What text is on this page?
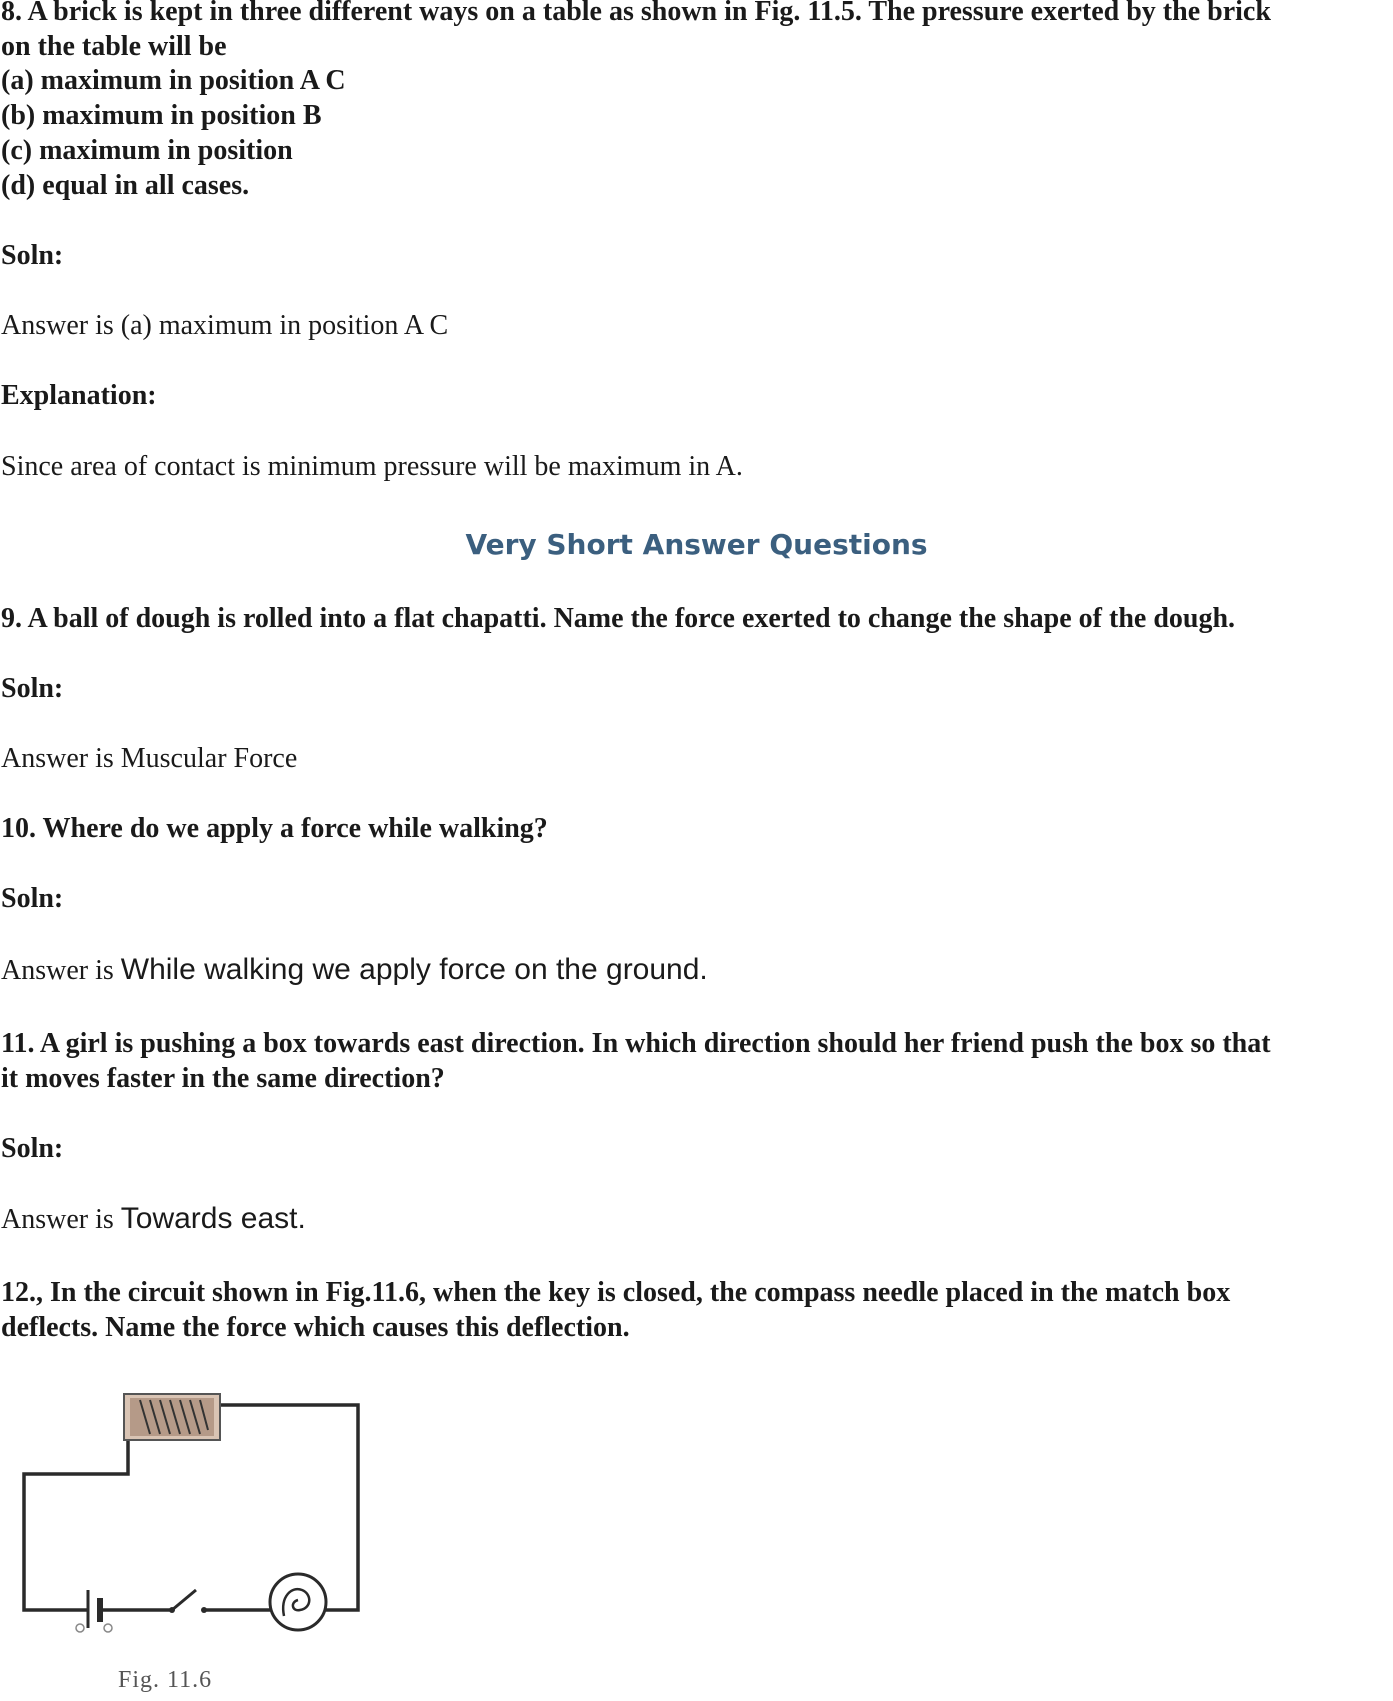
8. A brick is kept in three different ways on a table as shown in Fig. 11.5. The pressure exerted by the brick
on the table will be
(a) maximum in position A C
(b) maximum in position B
(c) maximum in position
(d) equal in all cases.
Soln:
Answer is (a) maximum in position A C
Explanation:
Since area of contact is minimum pressure will be maximum in A.
Very Short Answer Questions
9. A ball of dough is rolled into a flat chapatti. Name the force exerted to change the shape of the dough.
Soln:
Answer is Muscular Force
10. Where do we apply a force while walking?
Soln:
Answer is While walking we apply force on the ground.
11. A girl is pushing a box towards east direction. In which direction should her friend push the box so that
it moves faster in the same direction?
Soln:
Answer is Towards east.
12., In the circuit shown in Fig.11.6, when the key is closed, the compass needle placed in the match box
deflects. Name the force which causes this deflection.
Fig. 11.6
